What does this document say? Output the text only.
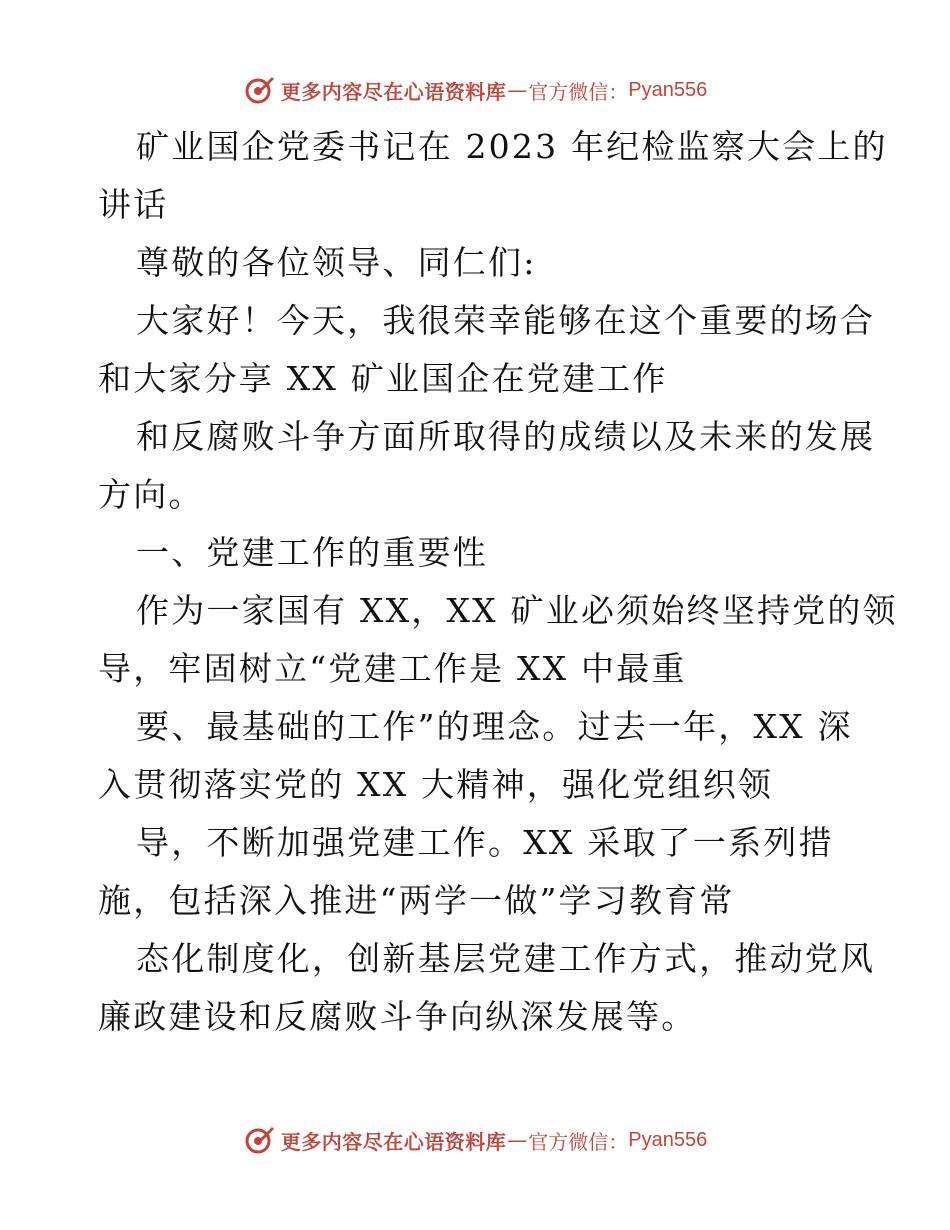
更多内容尽在心语资料库 — 官方微信： Pyan556
矿业国企党委书记在 2023 年纪检监察大会上的
讲话
尊敬的各位领导、同仁们:
大家好！今天，我很荣幸能够在这个重要的场合
和大家分享 XX 矿业国企在党建工作
和反腐败斗争方面所取得的成绩以及未来的发展
方向。
一、党建工作的重要性
作为一家国有 XX，XX 矿业必须始终坚持党的领
导，牢固树立“党建工作是 XX 中最重
要、最基础的工作”的理念。过去一年，XX 深
入贯彻落实党的 XX 大精神，强化党组织领
导，不断加强党建工作。XX 采取了一系列措
施，包括深入推进“两学一做”学习教育常
态化制度化，创新基层党建工作方式，推动党风
廉政建设和反腐败斗争向纵深发展等。
更多内容尽在心语资料库 — 官方微信： Pyan556
